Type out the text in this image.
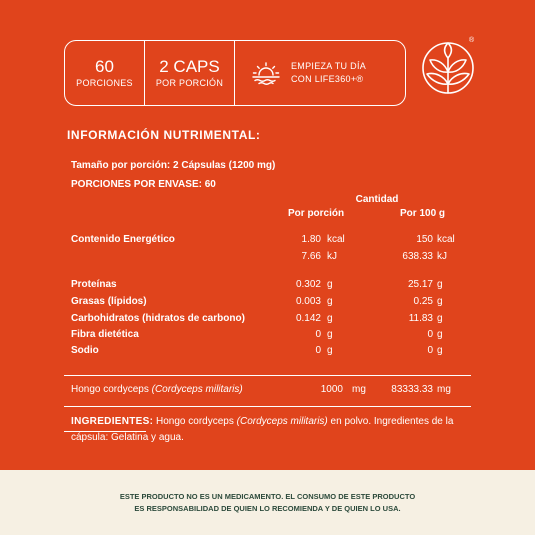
60
PORCIONES
2 CAPS
POR PORCIÓN
EMPIEZA TU DÍA
CON LIFE360+®
®
INFORMACIÓN NUTRIMENTAL:
Tamaño por porción: 2 Cápsulas (1200 mg)
PORCIONES POR ENVASE: 60
Cantidad
Por porción	Por 100 g
Contenido Energético	1.80 kcal	150 kcal
7.66 kJ	638.33 kJ
Proteínas	0.302 g	25.17 g
Grasas (lípidos)	0.003 g	0.25 g
Carbohidratos (hidratos de carbono)	0.142 g	11.83 g
Fibra dietética	0 g	0 g
Sodio	0 g	0 g
Hongo cordyceps (Cordyceps militaris)	1000 mg	83333.33 mg
INGREDIENTES: Hongo cordyceps (Cordyceps militaris) en polvo. Ingredientes de la cápsula: Gelatina y agua.
ESTE PRODUCTO NO ES UN MEDICAMENTO. EL CONSUMO DE ESTE PRODUCTO
ES RESPONSABILIDAD DE QUIEN LO RECOMIENDA Y DE QUIEN LO USA.
